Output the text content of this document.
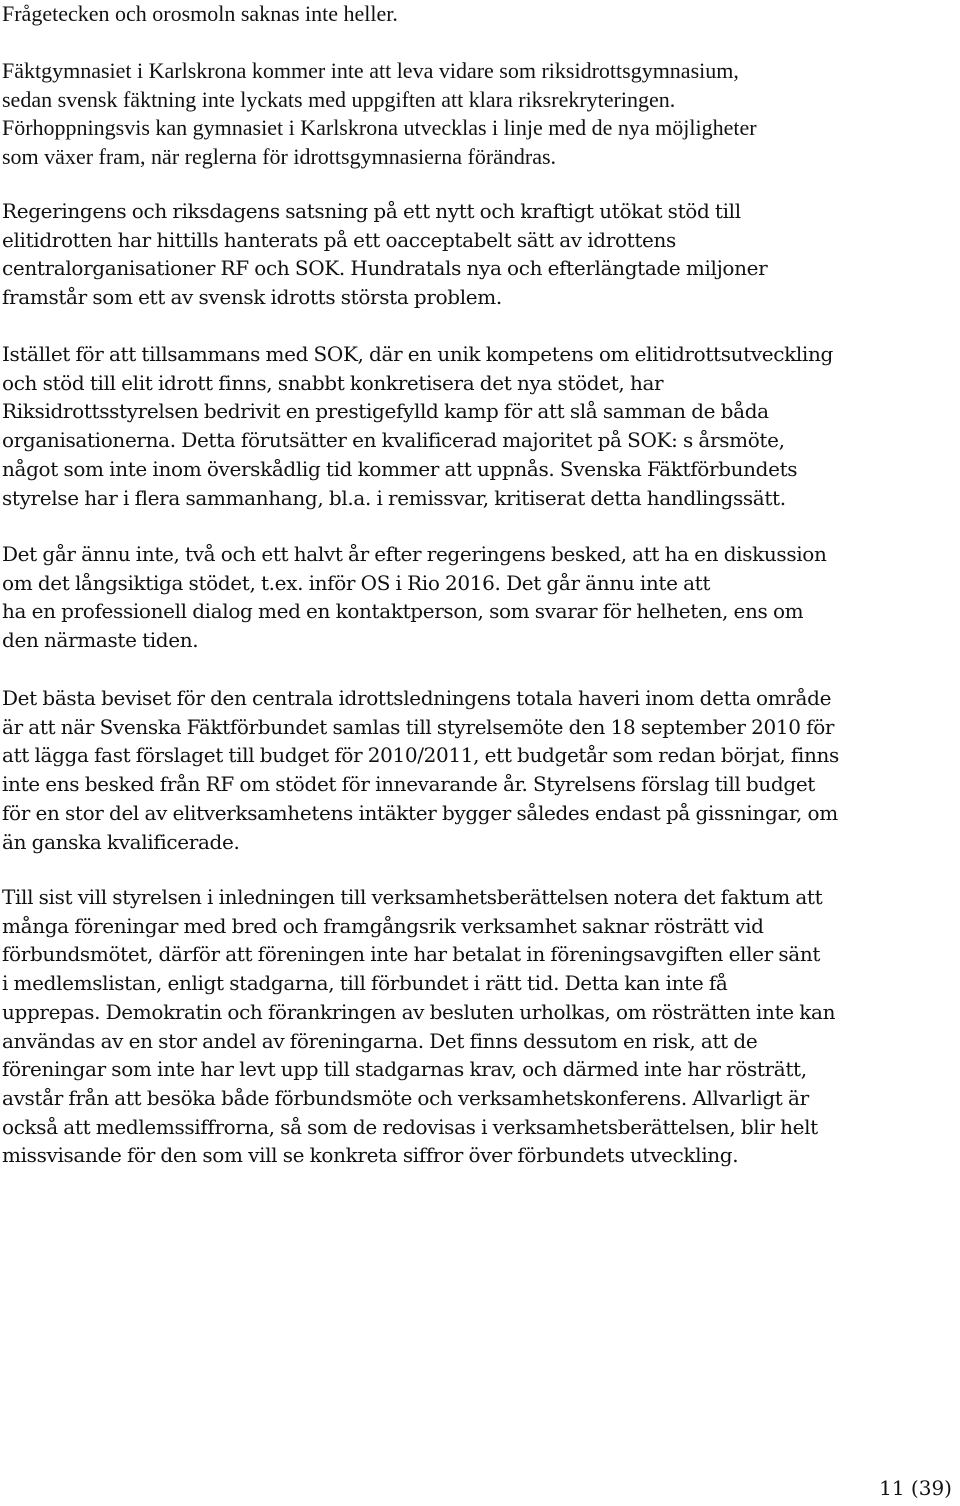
Frågetecken och orosmoln saknas inte heller.

Fäktgymnasiet i Karlskrona kommer inte att leva vidare som riksidrottsgymnasium,
sedan svensk fäktning inte lyckats med uppgiften att klara riksrekryteringen.
Förhoppningsvis kan gymnasiet i Karlskrona utvecklas i linje med de nya möjligheter
som växer fram, när reglerna för idrottsgymnasierna förändras.

Regeringens och riksdagens satsning på ett nytt och kraftigt utökat stöd till
elitidrotten har hittills hanterats på ett oacceptabelt sätt av idrottens
centralorganisationer RF och SOK. Hundratals nya och efterlängtade miljoner
framstår som ett av svensk idrotts största problem.

Istället för att tillsammans med SOK, där en unik kompetens om elitidrottsutveckling
och stöd till elit idrott finns, snabbt konkretisera det nya stödet, har
Riksidrottsstyrelsen bedrivit en prestigefylld kamp för att slå samman de båda
organisationerna. Detta förutsätter en kvalificerad majoritet på SOK: s årsmöte,
något som inte inom överskådlig tid kommer att uppnås. Svenska Fäktförbundets
styrelse har i flera sammanhang, bl.a. i remissvar, kritiserat detta handlingssätt.

Det går ännu inte, två och ett halvt år efter regeringens besked, att ha en diskussion
om det långsiktiga stödet, t.ex. inför OS i Rio 2016. Det går ännu inte att
ha en professionell dialog med en kontaktperson, som svarar för helheten, ens om
den närmaste tiden.

Det bästa beviset för den centrala idrottsledningens totala haveri inom detta område
är att när Svenska Fäktförbundet samlas till styrelsemöte den 18 september 2010 för
att lägga fast förslaget till budget för 2010/2011, ett budgetår som redan börjat, finns
inte ens besked från RF om stödet för innevarande år. Styrelsens förslag till budget
för en stor del av elitverksamhetens intäkter bygger således endast på gissningar, om
än ganska kvalificerade.

Till sist vill styrelsen i inledningen till verksamhetsberättelsen notera det faktum att
många föreningar med bred och framgångsrik verksamhet saknar rösträtt vid
förbundsmötet, därför att föreningen inte har betalat in föreningsavgiften eller sänt
i medlemslistan, enligt stadgarna, till förbundet i rätt tid. Detta kan inte få
upprepas. Demokratin och förankringen av besluten urholkas, om rösträtten inte kan
användas av en stor andel av föreningarna. Det finns dessutom en risk, att de
föreningar som inte har levt upp till stadgarnas krav, och därmed inte har rösträtt,
avstår från att besöka både förbundsmöte och verksamhetskonferens. Allvarligt är
också att medlemssiffrorna, så som de redovisas i verksamhetsberättelsen, blir helt
missvisande för den som vill se konkreta siffror över förbundets utveckling.

11 (39)
